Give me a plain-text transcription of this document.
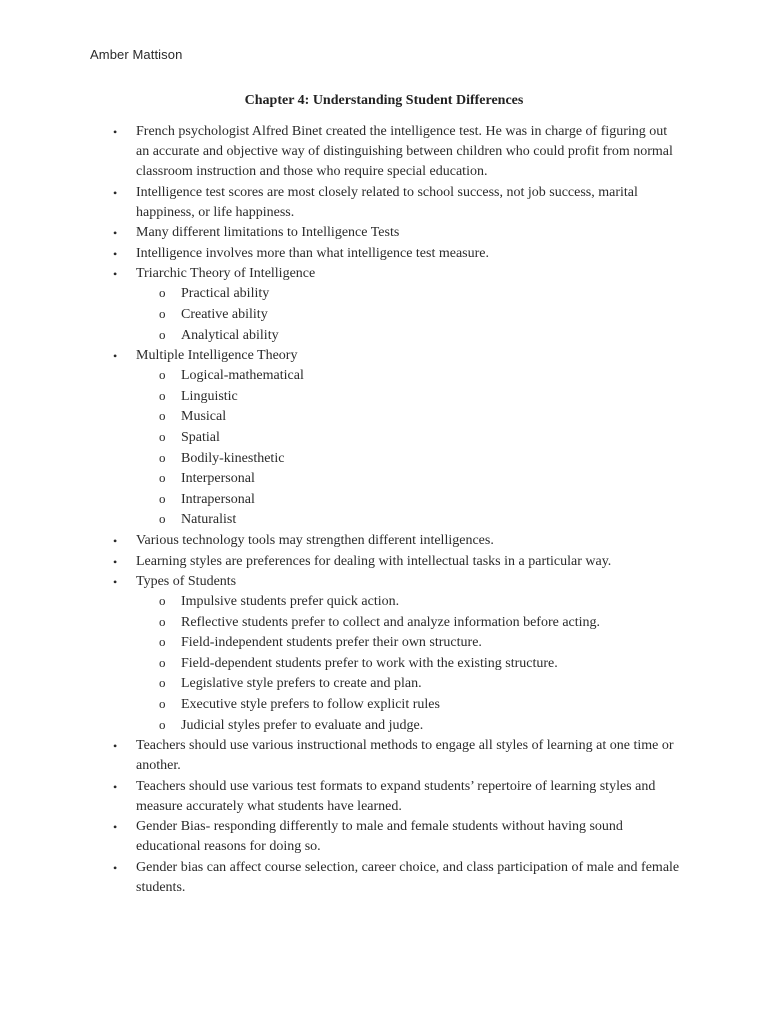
Amber Mattison
Chapter 4: Understanding Student Differences
•	French psychologist Alfred Binet created the intelligence test. He was in charge of figuring out an accurate and objective way of distinguishing between children who could profit from normal classroom instruction and those who require special education.
•	Intelligence test scores are most closely related to school success, not job success, marital happiness, or life happiness.
•	Many different limitations to Intelligence Tests
•	Intelligence involves more than what intelligence test measure.
•	Triarchic Theory of Intelligence
o Practical ability
o Creative ability
o Analytical ability
•	Multiple Intelligence Theory
o Logical-mathematical
o Linguistic
o Musical
o Spatial
o Bodily-kinesthetic
o Interpersonal
o Intrapersonal
o Naturalist
•	Various technology tools may strengthen different intelligences.
•	Learning styles are preferences for dealing with intellectual tasks in a particular way.
•	Types of Students
o Impulsive students prefer quick action.
o Reflective students prefer to collect and analyze information before acting.
o Field-independent students prefer their own structure.
o Field-dependent students prefer to work with the existing structure.
o Legislative style prefers to create and plan.
o Executive style prefers to follow explicit rules
o Judicial styles prefer to evaluate and judge.
•	Teachers should use various instructional methods to engage all styles of learning at one time or another.
•	Teachers should use various test formats to expand students’ repertoire of learning styles and measure accurately what students have learned.
•	Gender Bias- responding differently to male and female students without having sound educational reasons for doing so.
•	Gender bias can affect course selection, career choice, and class participation of male and female students.
